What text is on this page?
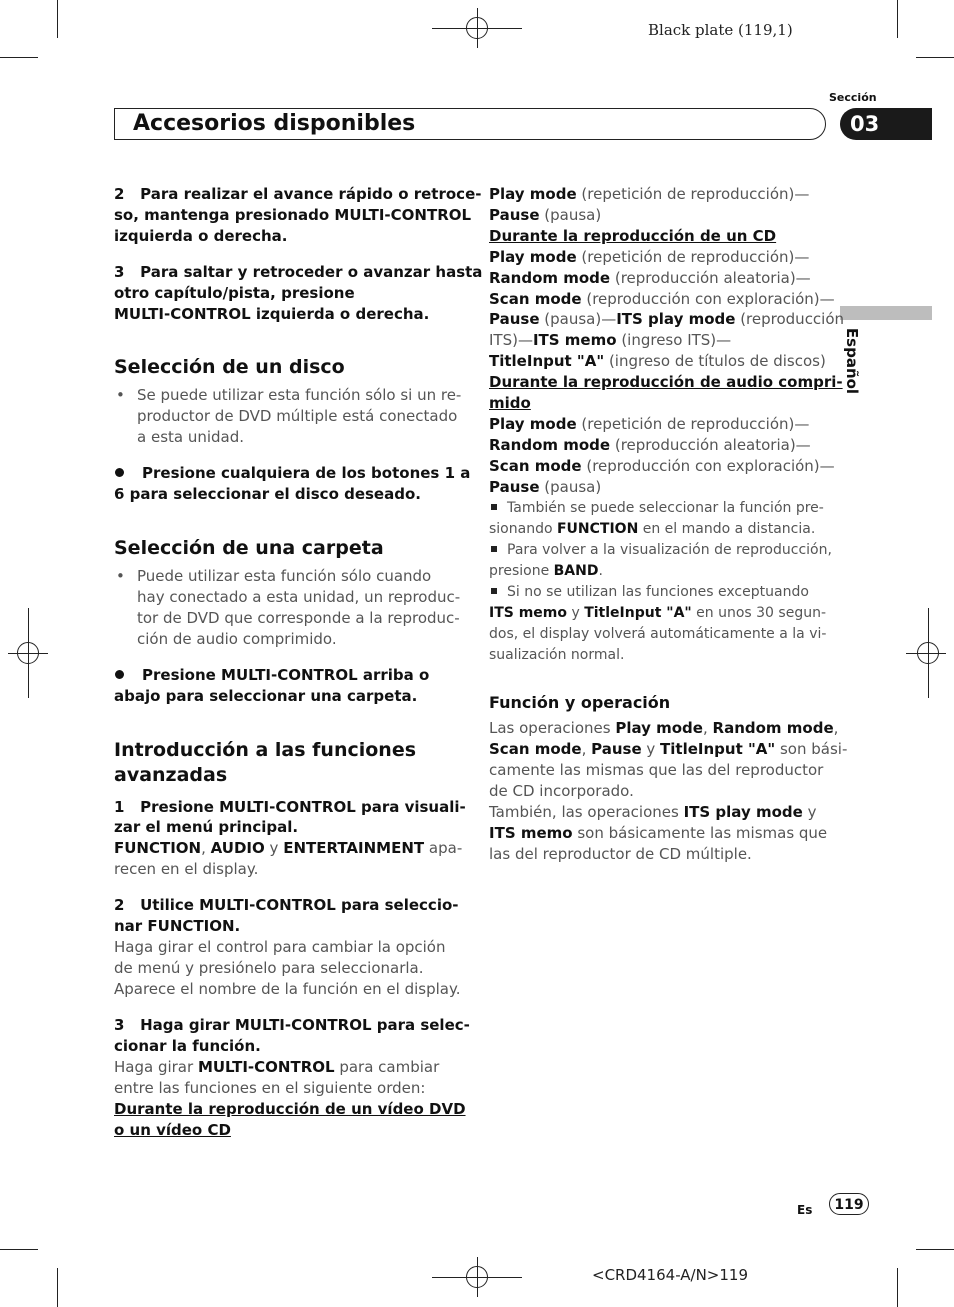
Black plate (119,1)
Sección
Accesorios disponibles	03
Español

2 Para realizar el avance rápido o retroce-

so, mantenga presionado MULTI-CONTROL

izquierda o derecha.

3 Para saltar y retroceder o avanzar hasta

otro capítulo/pista, presione

MULTI-CONTROL izquierda o derecha.

Selección de un disco

• Se puede utilizar esta función sólo si un re-

productor de DVD múltiple está conectado

a esta unidad.

Presione cualquiera de los botones 1 a

6 para seleccionar el disco deseado.

Selección de una carpeta

• Puede utilizar esta función sólo cuando

hay conectado a esta unidad, un reproduc-

tor de DVD que corresponde a la reproduc-

ción de audio comprimido.

Presione MULTI-CONTROL arriba o

abajo para seleccionar una carpeta.

Introducción a las funciones
avanzadas

1 Presione MULTI-CONTROL para visuali-

zar el menú principal.

FUNCTION, AUDIO y ENTERTAINMENT apa-

recen en el display.

2 Utilice MULTI-CONTROL para seleccio-

nar FUNCTION.

Haga girar el control para cambiar la opción

de menú y presiónelo para seleccionarla.

Aparece el nombre de la función en el display.

3 Haga girar MULTI-CONTROL para selec-

cionar la función.

Haga girar MULTI-CONTROL para cambiar

entre las funciones en el siguiente orden:

Durante la reproducción de un vídeo DVD

o un vídeo CD

Play mode (repetición de reproducción)—

Pause (pausa)

Durante la reproducción de un CD

Play mode (repetición de reproducción)—

Random mode (reproducción aleatoria)—

Scan mode (reproducción con exploración)—

Pause (pausa)—ITS play mode (reproducción

ITS)—ITS memo (ingreso ITS)—

TitleInput "A" (ingreso de títulos de discos)

Durante la reproducción de audio compri-

mido

Play mode (repetición de reproducción)—

Random mode (reproducción aleatoria)—

Scan mode (reproducción con exploración)—

Pause (pausa)

También se puede seleccionar la función pre-

sionando FUNCTION en el mando a distancia.

Para volver a la visualización de reproducción,

presione BAND.

Si no se utilizan las funciones exceptuando

ITS memo y TitleInput "A" en unos 30 segun-

dos, el display volverá automáticamente a la vi-

sualización normal.

Función y operación

Las operaciones Play mode, Random mode,

Scan mode, Pause y TitleInput "A" son bási-

camente las mismas que las del reproductor

de CD incorporado.

También, las operaciones ITS play mode y

ITS memo son básicamente las mismas que

las del reproductor de CD múltiple.

Es	119
<CRD4164-A/N>119
